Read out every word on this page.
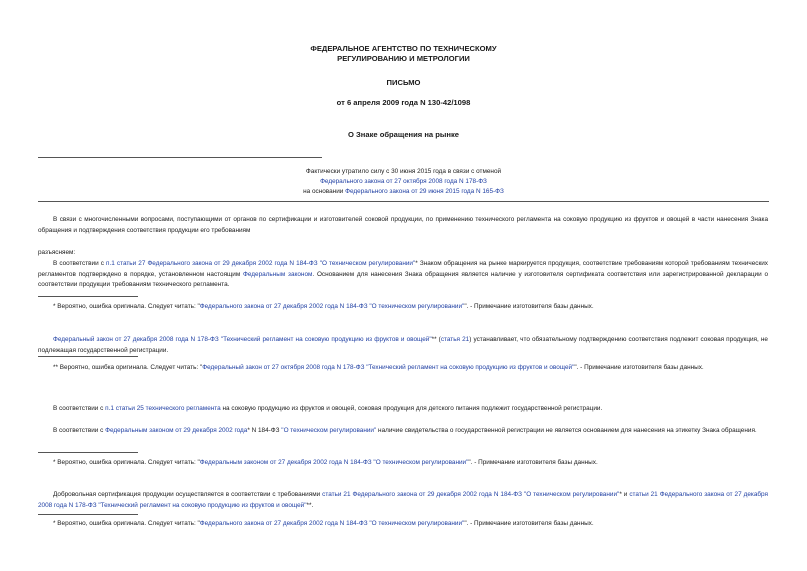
ФЕДЕРАЛЬНОЕ АГЕНТСТВО ПО ТЕХНИЧЕСКОМУ
РЕГУЛИРОВАНИЮ И МЕТРОЛОГИИ
ПИСЬМО
от 6 апреля 2009 года N 130-42/1098
О Знаке обращения на рынке
Фактически утратило силу с 30 июня 2015 года в связи с отменой
Федерального закона от 27 октября 2008 года N 178-ФЗ
на основании Федерального закона от 29 июня 2015 года N 165-ФЗ
В связи с многочисленными вопросами, поступающими от органов по сертификации и изготовителей соковой продукции, по применению технического регламента на соковую продукцию из фруктов и овощей в части нанесения Знака обращения и подтверждения соответствия продукции его требованиям
разъясняем:
В соответствии с п.1 статьи 27 Федерального закона от 29 декабря 2002 года N 184-ФЗ "О техническом регулировании"* Знаком обращения на рынке маркируется продукция, соответствие требованиям которой требованиям технических регламентов подтверждено в порядке, установленном настоящим Федеральным законом. Основанием для нанесения Знака обращения является наличие у изготовителя сертификата соответствия или зарегистрированной декларации о соответствии продукции требованиям технического регламента.
* Вероятно, ошибка оригинала. Следует читать: "Федерального закона от 27 декабря 2002 года N 184-ФЗ "О техническом регулировании"". - Примечание изготовителя базы данных.
Федеральный закон от 27 декабря 2008 года N 178-ФЗ "Технический регламент на соковую продукцию из фруктов и овощей"** (статья 21) устанавливает, что обязательному подтверждению соответствия подлежит соковая продукция, не подлежащая государственной регистрации.
** Вероятно, ошибка оригинала. Следует читать: "Федеральный закон от 27 октября 2008 года N 178-ФЗ "Технический регламент на соковую продукцию из фруктов и овощей"". - Примечание изготовителя базы данных.
В соответствии с п.1 статьи 25 технического регламента на соковую продукцию из фруктов и овощей, соковая продукция для детского питания подлежит государственной регистрации.
В соответствии с Федеральным законом от 29 декабря 2002 года* N 184-ФЗ "О техническом регулировании" наличие свидетельства о государственной регистрации не является основанием для нанесения на этикетку Знака обращения.
* Вероятно, ошибка оригинала. Следует читать: "Федеральным законом от 27 декабря 2002 года N 184-ФЗ "О техническом регулировании"". - Примечание изготовителя базы данных.
Добровольная сертификация продукции осуществляется в соответствии с требованиями статьи 21 Федерального закона от 29 декабря 2002 года N 184-ФЗ "О техническом регулировании"* и статьи 21 Федерального закона от 27 декабря 2008 года N 178-ФЗ "Технический регламент на соковую продукцию из фруктов и овощей"**.
* Вероятно, ошибка оригинала. Следует читать: "Федерального закона от 27 декабря 2002 года N 184-ФЗ "О техническом регулировании"". - Примечание изготовителя базы данных.
